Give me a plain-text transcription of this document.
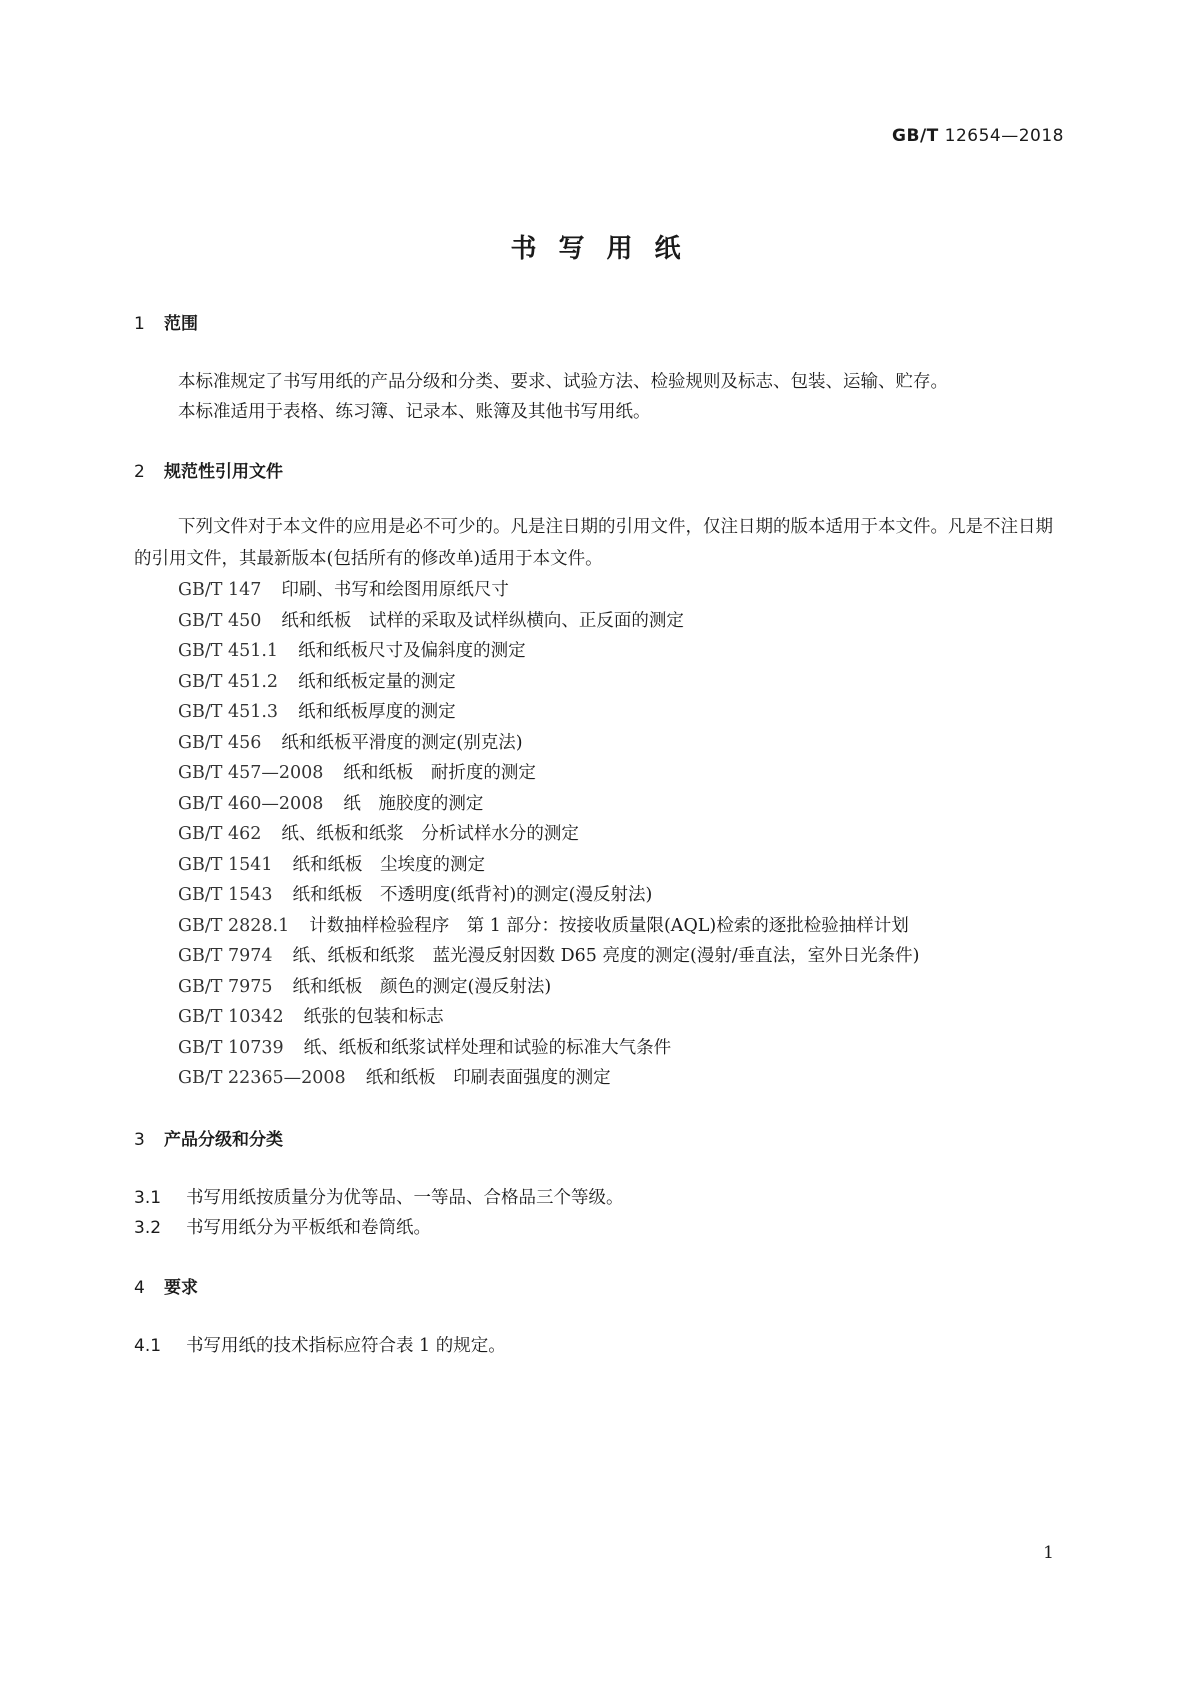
GB/T 12654—2018
书写用纸
1 范围
本标准规定了书写用纸的产品分级和分类、要求、试验方法、检验规则及标志、包装、运输、贮存。
本标准适用于表格、练习簿、记录本、账簿及其他书写用纸。
2 规范性引用文件
下列文件对于本文件的应用是必不可少的。凡是注日期的引用文件，仅注日期的版本适用于本文件。凡是不注日期的引用文件，其最新版本(包括所有的修改单)适用于本文件。
GB/T 147 印刷、书写和绘图用原纸尺寸
GB/T 450 纸和纸板　试样的采取及试样纵横向、正反面的测定
GB/T 451.1 纸和纸板尺寸及偏斜度的测定
GB/T 451.2 纸和纸板定量的测定
GB/T 451.3 纸和纸板厚度的测定
GB/T 456 纸和纸板平滑度的测定(别克法)
GB/T 457—2008 纸和纸板　耐折度的测定
GB/T 460—2008 纸　施胶度的测定
GB/T 462 纸、纸板和纸浆　分析试样水分的测定
GB/T 1541 纸和纸板　尘埃度的测定
GB/T 1543 纸和纸板　不透明度(纸背衬)的测定(漫反射法)
GB/T 2828.1 计数抽样检验程序　第 1 部分：按接收质量限(AQL)检索的逐批检验抽样计划
GB/T 7974 纸、纸板和纸浆　蓝光漫反射因数 D65 亮度的测定(漫射/垂直法，室外日光条件)
GB/T 7975 纸和纸板　颜色的测定(漫反射法)
GB/T 10342 纸张的包装和标志
GB/T 10739 纸、纸板和纸浆试样处理和试验的标准大气条件
GB/T 22365—2008 纸和纸板　印刷表面强度的测定
3 产品分级和分类
3.1 书写用纸按质量分为优等品、一等品、合格品三个等级。
3.2 书写用纸分为平板纸和卷筒纸。
4 要求
4.1 书写用纸的技术指标应符合表 1 的规定。
1
